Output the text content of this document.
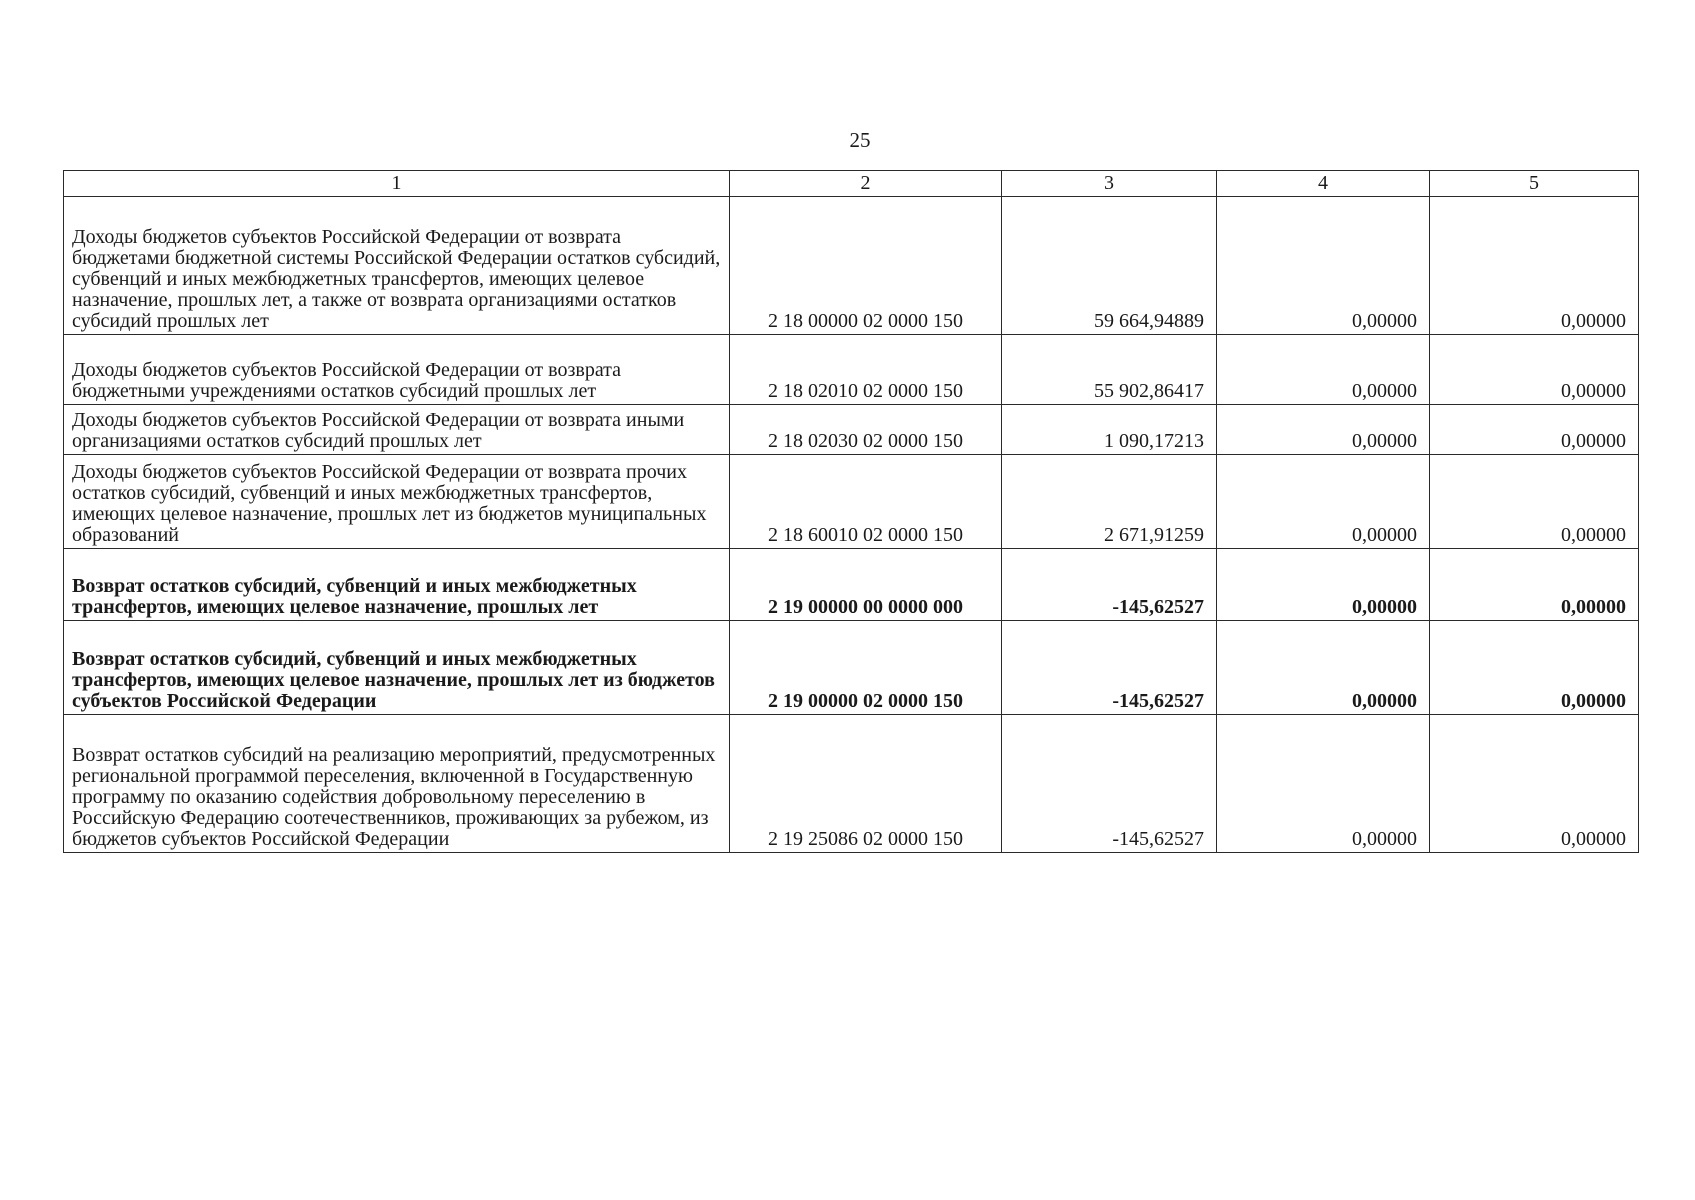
25
1	2	3	4	5
Доходы бюджетов субъектов Российской Федерации от возврата бюджетами бюджетной системы Российской Федерации остатков субсидий, субвенций и иных межбюджетных трансфертов, имеющих целевое назначение, прошлых лет, а также от возврата организациями остатков субсидий прошлых лет	2 18 00000 02 0000 150	59 664,94889	0,00000	0,00000
Доходы бюджетов субъектов Российской Федерации от возврата бюджетными учреждениями остатков субсидий прошлых лет	2 18 02010 02 0000 150	55 902,86417	0,00000	0,00000
Доходы бюджетов субъектов Российской Федерации от возврата иными организациями остатков субсидий прошлых лет	2 18 02030 02 0000 150	1 090,17213	0,00000	0,00000
Доходы бюджетов субъектов Российской Федерации от возврата прочих остатков субсидий, субвенций и иных межбюджетных трансфертов, имеющих целевое назначение, прошлых лет из бюджетов муниципальных образований	2 18 60010 02 0000 150	2 671,91259	0,00000	0,00000
Возврат остатков субсидий, субвенций и иных межбюджетных трансфертов, имеющих целевое назначение, прошлых лет	2 19 00000 00 0000 000	-145,62527	0,00000	0,00000
Возврат остатков субсидий, субвенций и иных межбюджетных трансфертов, имеющих целевое назначение, прошлых лет из бюджетов субъектов Российской Федерации	2 19 00000 02 0000 150	-145,62527	0,00000	0,00000
Возврат остатков субсидий на реализацию мероприятий, предусмотренных региональной программой переселения, включенной в Государственную программу по оказанию содействия добровольному переселению в Российскую Федерацию соотечественников, проживающих за рубежом, из бюджетов субъектов Российской Федерации	2 19 25086 02 0000 150	-145,62527	0,00000	0,00000
